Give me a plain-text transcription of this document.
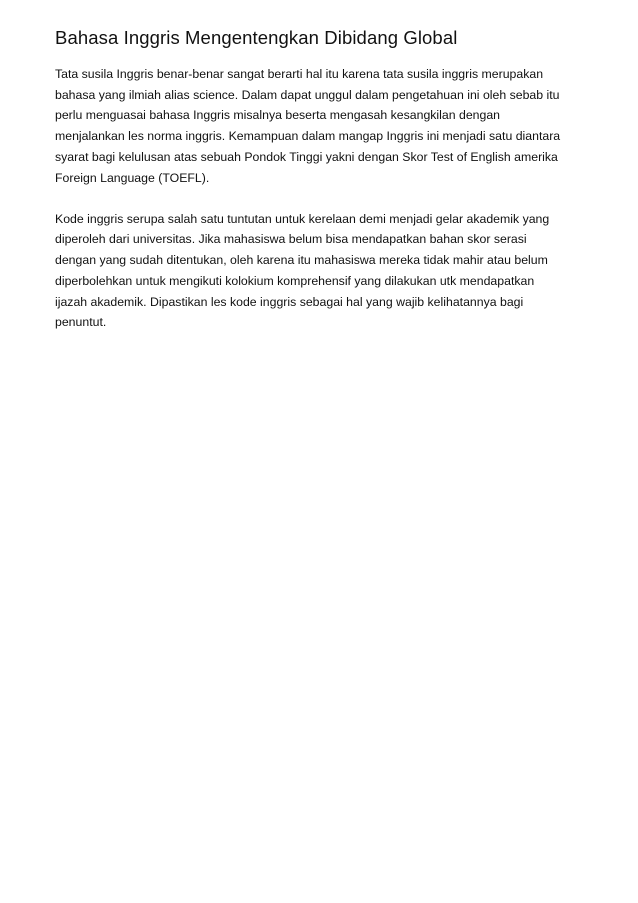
Bahasa Inggris Mengentengkan Dibidang Global

Tata susila Inggris benar-benar sangat berarti hal itu karena tata susila inggris merupakan
bahasa yang ilmiah alias science. Dalam dapat unggul dalam pengetahuan ini oleh sebab itu
perlu menguasai bahasa Inggris misalnya beserta mengasah kesangkilan dengan
menjalankan les norma inggris. Kemampuan dalam mangap Inggris ini menjadi satu diantara
syarat bagi kelulusan atas sebuah Pondok Tinggi yakni dengan Skor Test of English amerika
Foreign Language (TOEFL).

Kode inggris serupa salah satu tuntutan untuk kerelaan demi menjadi gelar akademik yang
diperoleh dari universitas. Jika mahasiswa belum bisa mendapatkan bahan skor serasi
dengan yang sudah ditentukan, oleh karena itu mahasiswa mereka tidak mahir atau belum
diperbolehkan untuk mengikuti kolokium komprehensif yang dilakukan utk mendapatkan
ijazah akademik. Dipastikan les kode inggris sebagai hal yang wajib kelihatannya bagi
penuntut.
